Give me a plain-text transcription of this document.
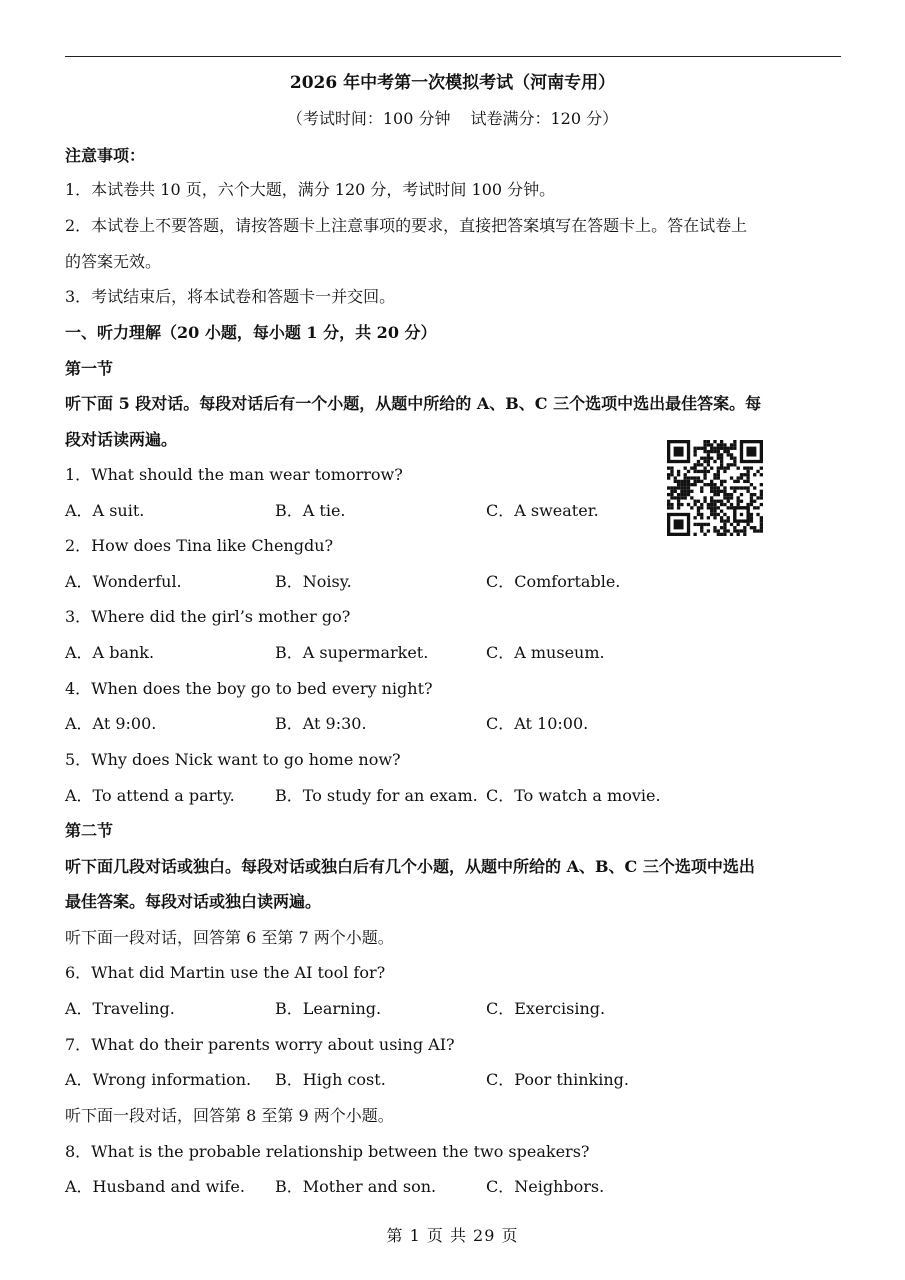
2026 年中考第一次模拟考试（河南专用）
（考试时间：100 分钟 试卷满分：120 分）
注意事项：
1．本试卷共 10 页，六个大题，满分 120 分，考试时间 100 分钟。
2．本试卷上不要答题，请按答题卡上注意事项的要求，直接把答案填写在答题卡上。答在试卷上
的答案无效。
3．考试结束后，将本试卷和答题卡一并交回。
一、听力理解（20 小题，每小题 1 分，共 20 分）
第一节
听下面 5 段对话。每段对话后有一个小题，从题中所给的 A、B、C 三个选项中选出最佳答案。每
段对话读两遍。
1．What should the man wear tomorrow?
A．A suit.	B．A tie.	C．A sweater.
2．How does Tina like Chengdu?
A．Wonderful.	B．Noisy.	C．Comfortable.
3．Where did the girl’s mother go?
A．A bank.	B．A supermarket.	C．A museum.
4．When does the boy go to bed every night?
A．At 9:00.	B．At 9:30.	C．At 10:00.
5．Why does Nick want to go home now?
A．To attend a party.	B．To study for an exam. C．To watch a movie.
第二节
听下面几段对话或独白。每段对话或独白后有几个小题，从题中所给的 A、B、C 三个选项中选出
最佳答案。每段对话或独白读两遍。
听下面一段对话，回答第 6 至第 7 两个小题。
6．What did Martin use the AI tool for?
A．Traveling.	B．Learning.	C．Exercising.
7．What do their parents worry about using AI?
A．Wrong information. B．High cost.	C．Poor thinking.
听下面一段对话，回答第 8 至第 9 两个小题。
8．What is the probable relationship between the two speakers?
A．Husband and wife. B．Mother and son.	C．Neighbors.
第 1 页 共 29 页
